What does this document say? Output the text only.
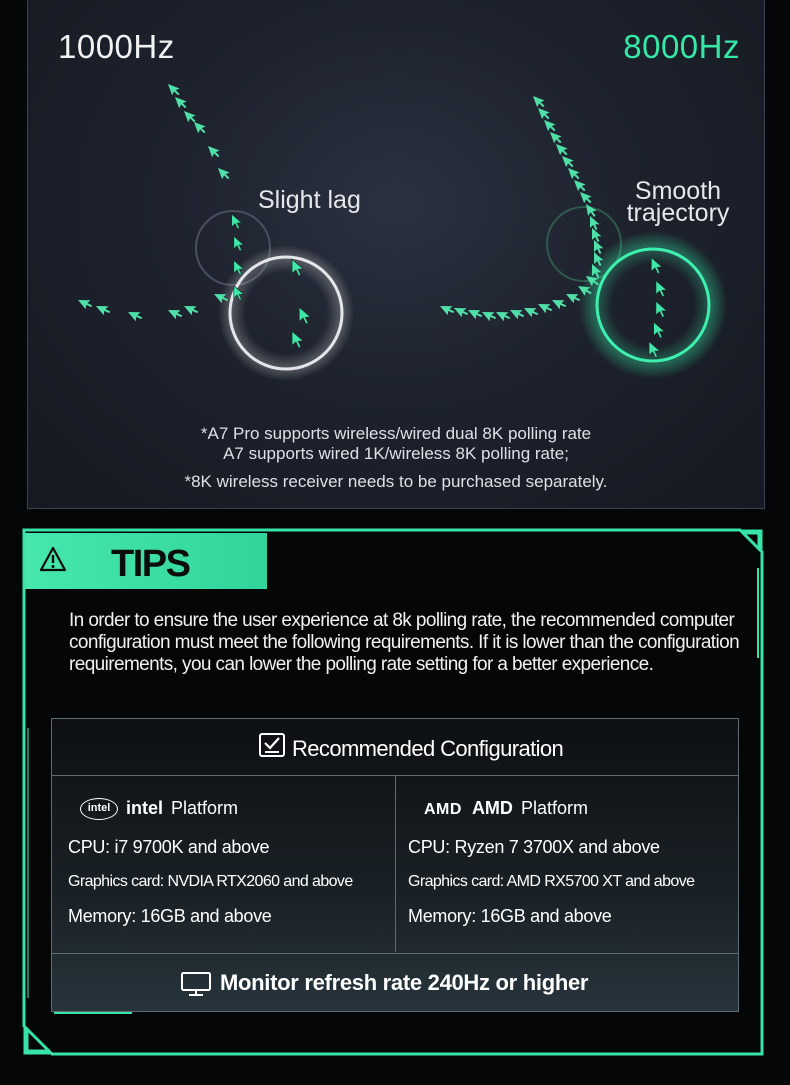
1000Hz	8000Hz
Slight lag	Smooth
trajectory
*A7 Pro supports wireless/wired dual 8K polling rate
A7 supports wired 1K/wireless 8K polling rate;
*8K wireless receiver needs to be purchased separately.
TIPS
In order to ensure the user experience at 8k polling rate, the recommended computer configuration must meet the following requirements. If it is lower than the configuration requirements, you can lower the polling rate setting for a better experience.
Recommended Configuration
intel intel Platform
CPU: i7 9700K and above
Graphics card: NVDIA RTX2060 and above
Memory: 16GB and above
AMD AMD Platform
CPU: Ryzen 7 3700X and above
Graphics card: AMD RX5700 XT and above
Memory: 16GB and above
Monitor refresh rate 240Hz or higher
